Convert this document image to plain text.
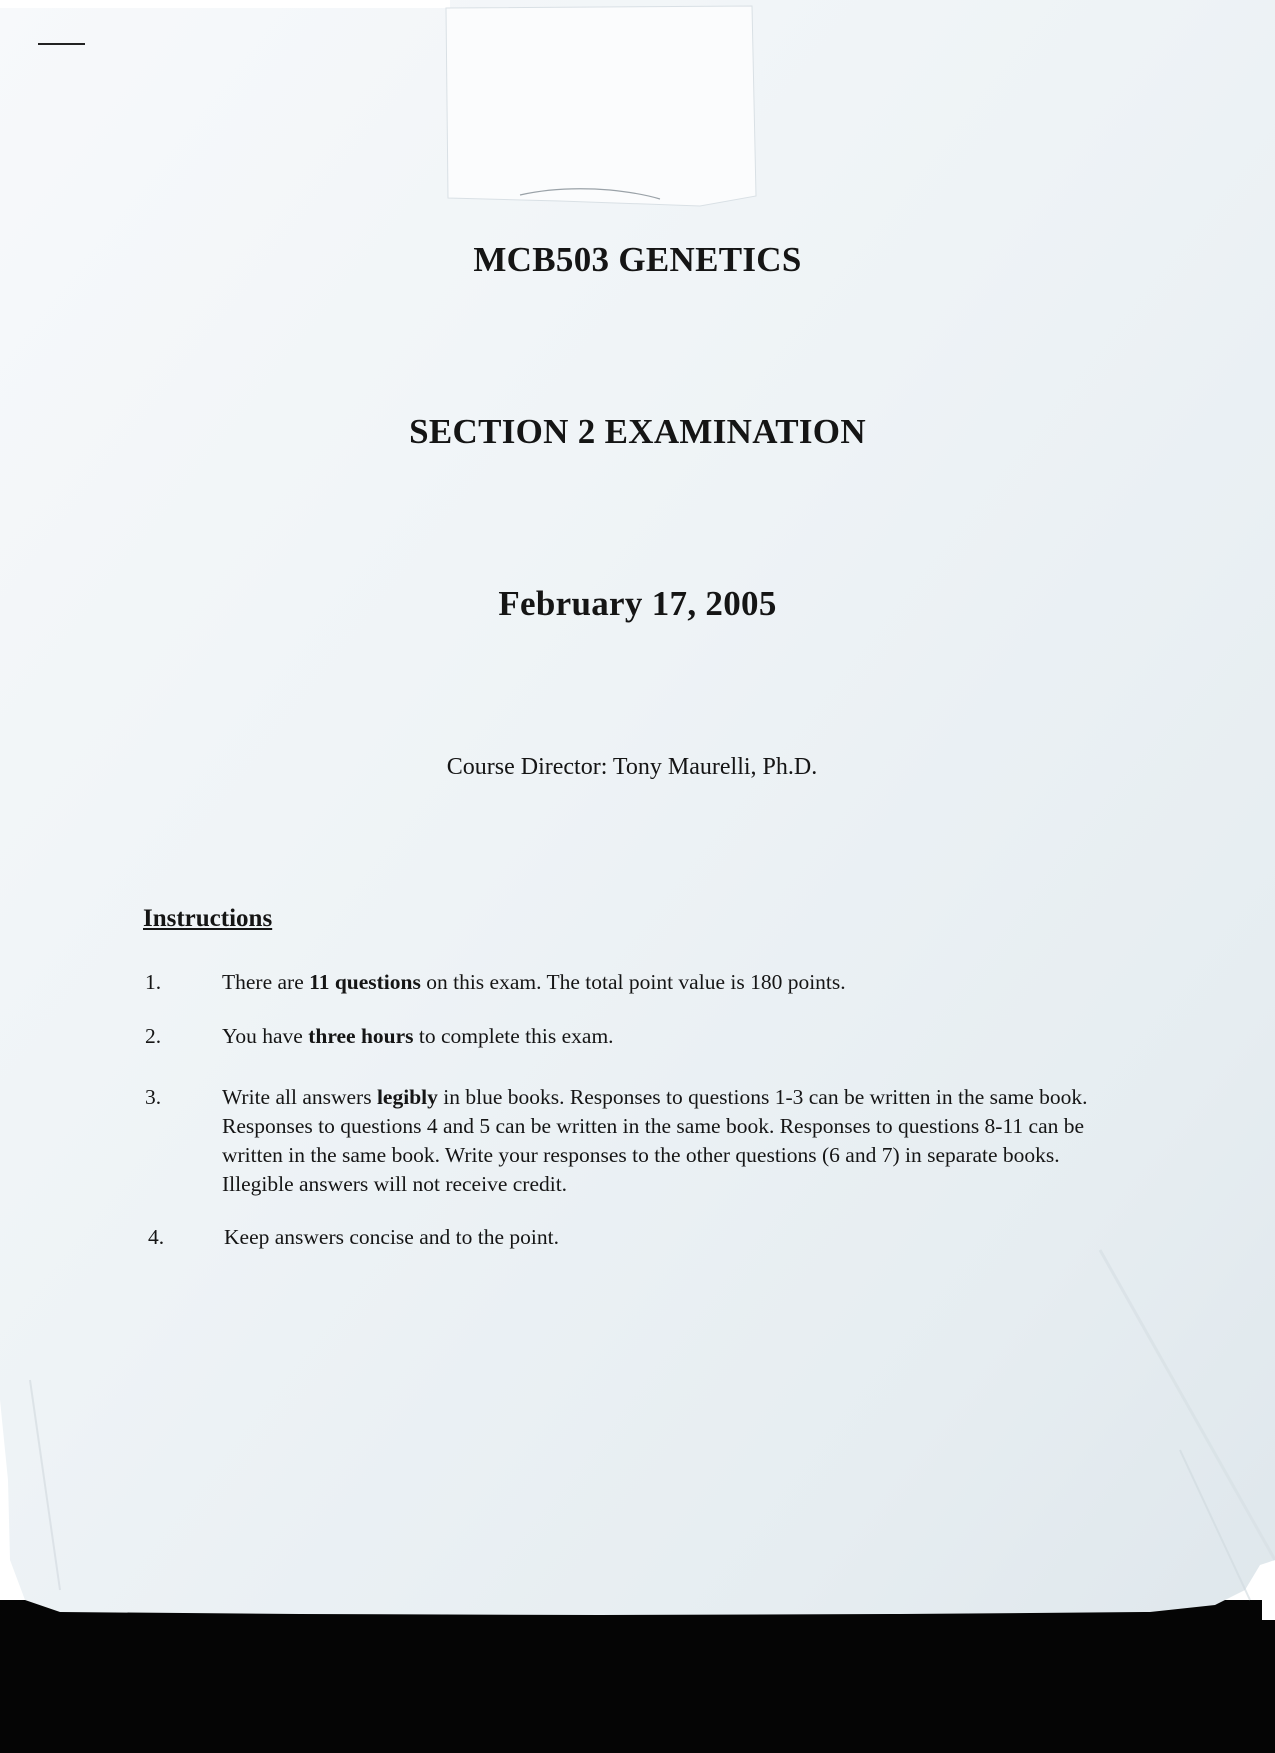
MCB503 GENETICS
SECTION 2 EXAMINATION
February 17, 2005
Course Director: Tony Maurelli, Ph.D.
Instructions
1.	There are 11 questions on this exam. The total point value is 180 points.
2.	You have three hours to complete this exam.
3.	Write all answers legibly in blue books. Responses to questions 1-3 can be written in the same book. Responses to questions 4 and 5 can be written in the same book. Responses to questions 8-11 can be written in the same book. Write your responses to the other questions (6 and 7) in separate books. Illegible answers will not receive credit.
4.	Keep answers concise and to the point.
